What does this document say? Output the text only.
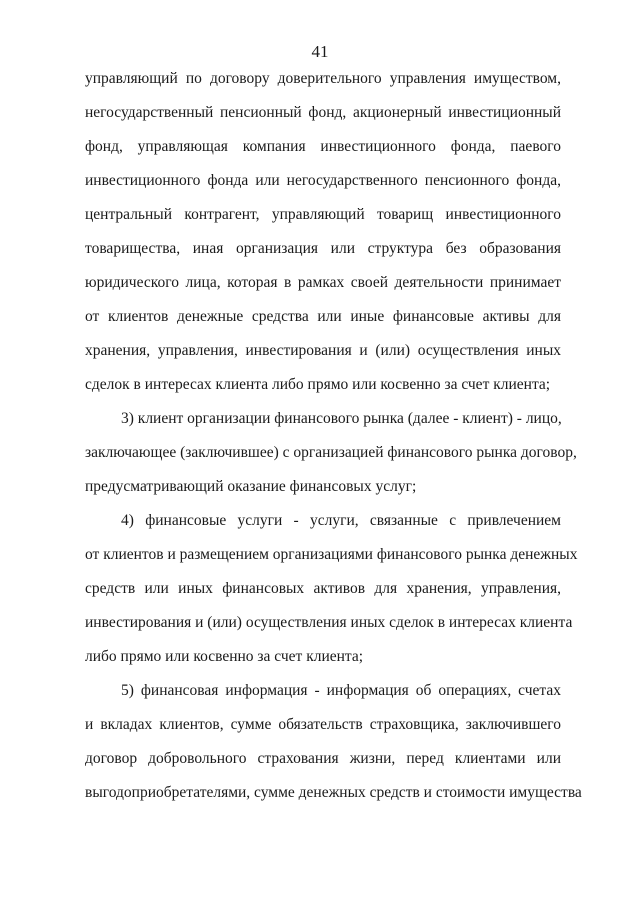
41
управляющий по договору доверительного управления имуществом,
негосударственный пенсионный фонд, акционерный инвестиционный
фонд, управляющая компания инвестиционного фонда, паевого
инвестиционного фонда или негосударственного пенсионного фонда,
центральный контрагент, управляющий товарищ инвестиционного
товарищества, иная организация или структура без образования
юридического лица, которая в рамках своей деятельности принимает
от клиентов денежные средства или иные финансовые активы для
хранения, управления, инвестирования и (или) осуществления иных
сделок в интересах клиента либо прямо или косвенно за счет клиента;
3) клиент организации финансового рынка (далее - клиент) - лицо,
заключающее (заключившее) с организацией финансового рынка договор,
предусматривающий оказание финансовых услуг;
4) финансовые услуги - услуги, связанные с привлечением
от клиентов и размещением организациями финансового рынка денежных
средств или иных финансовых активов для хранения, управления,
инвестирования и (или) осуществления иных сделок в интересах клиента
либо прямо или косвенно за счет клиента;
5) финансовая информация - информация об операциях, счетах
и вкладах клиентов, сумме обязательств страховщика, заключившего
договор добровольного страхования жизни, перед клиентами или
выгодоприобретателями, сумме денежных средств и стоимости имущества
